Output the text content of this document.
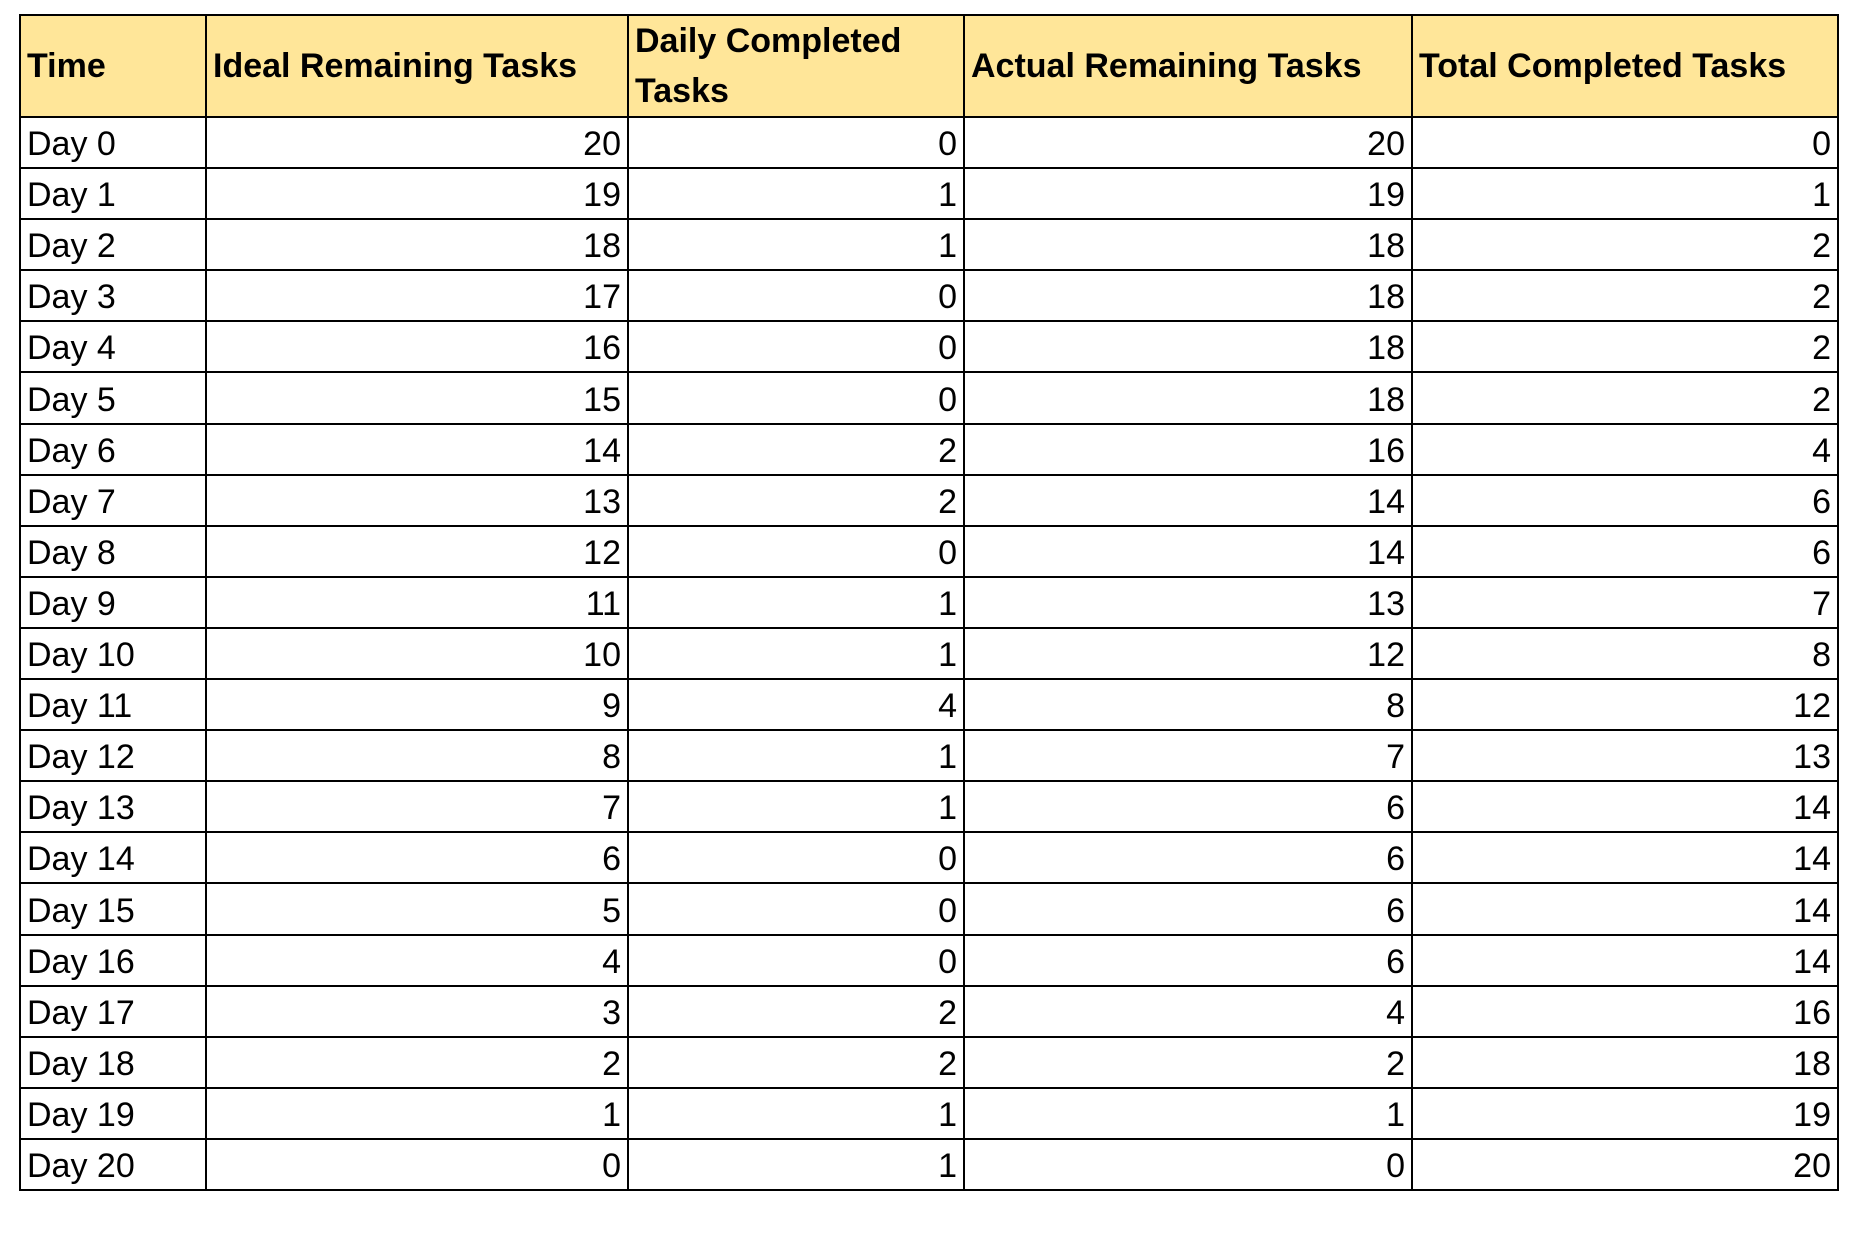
Time	Ideal Remaining Tasks	Daily Completed Tasks	Actual Remaining Tasks	Total Completed Tasks
Day 0	20	0	20	0
Day 1	19	1	19	1
Day 2	18	1	18	2
Day 3	17	0	18	2
Day 4	16	0	18	2
Day 5	15	0	18	2
Day 6	14	2	16	4
Day 7	13	2	14	6
Day 8	12	0	14	6
Day 9	11	1	13	7
Day 10	10	1	12	8
Day 11	9	4	8	12
Day 12	8	1	7	13
Day 13	7	1	6	14
Day 14	6	0	6	14
Day 15	5	0	6	14
Day 16	4	0	6	14
Day 17	3	2	4	16
Day 18	2	2	2	18
Day 19	1	1	1	19
Day 20	0	1	0	20
